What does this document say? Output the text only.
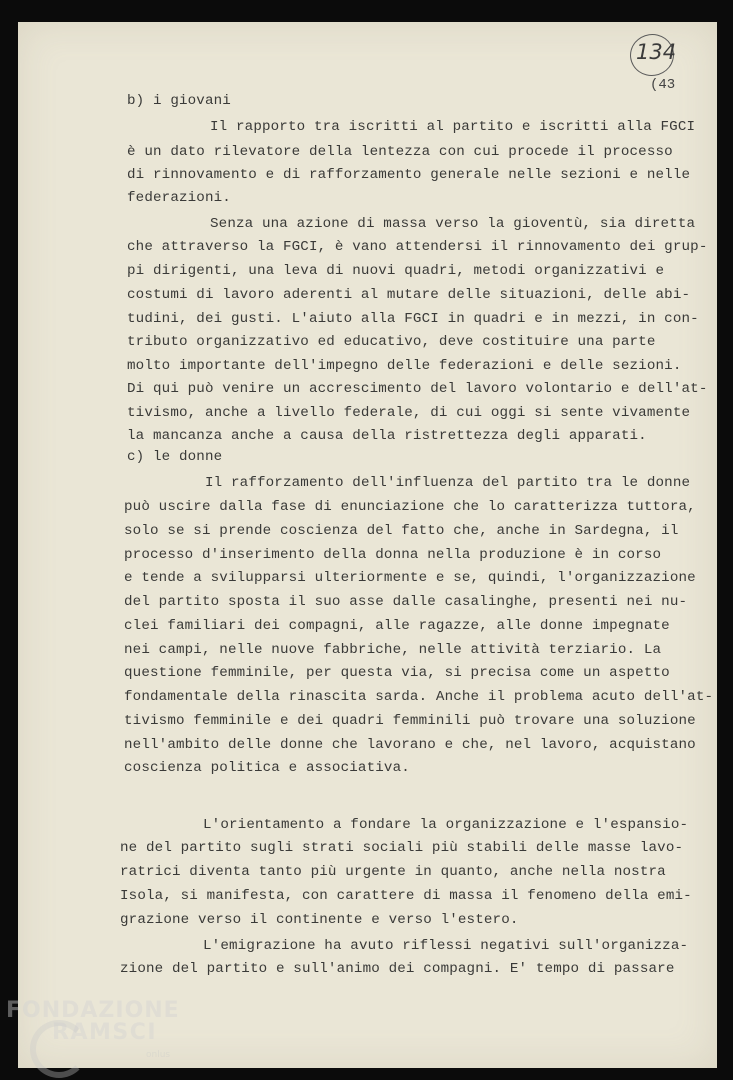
134
(43
b) i giovani
Il rapporto tra iscritti al partito e iscritti alla FGCI
è un dato rilevatore della lentezza con cui procede il processo
di rinnovamento e di rafforzamento generale nelle sezioni e nelle
federazioni.
Senza una azione di massa verso la gioventù, sia diretta
che attraverso la FGCI, è vano attendersi il rinnovamento dei grup-
pi dirigenti, una leva di nuovi quadri, metodi organizzativi e
costumi di lavoro aderenti al mutare delle situazioni, delle abi-
tudini, dei gusti. L'aiuto alla FGCI in quadri e in mezzi, in con-
tributo organizzativo ed educativo, deve costituire una parte
molto importante dell'impegno delle federazioni e delle sezioni.
Di qui può venire un accrescimento del lavoro volontario e dell'at-
tivismo, anche a livello federale, di cui oggi si sente vivamente
la mancanza anche a causa della ristrettezza degli apparati.
c) le donne
Il rafforzamento dell'influenza del partito tra le donne
può uscire dalla fase di enunciazione che lo caratterizza tuttora,
solo se si prende coscienza del fatto che, anche in Sardegna, il
processo d'inserimento della donna nella produzione è in corso
e tende a svilupparsi ulteriormente e se, quindi, l'organizzazione
del partito sposta il suo asse dalle casalinghe, presenti nei nu-
clei familiari dei compagni, alle ragazze, alle donne impegnate
nei campi, nelle nuove fabbriche, nelle attività terziario. La
questione femminile, per questa via, si precisa come un aspetto
fondamentale della rinascita sarda. Anche il problema acuto dell'at-
tivismo femminile e dei quadri femminili può trovare una soluzione
nell'ambito delle donne che lavorano e che, nel lavoro, acquistano
coscienza politica e associativa.
L'orientamento a fondare la organizzazione e l'espansio-
ne del partito sugli strati sociali più stabili delle masse lavo-
ratrici diventa tanto più urgente in quanto, anche nella nostra
Isola, si manifesta, con carattere di massa il fenomeno della emi-
grazione verso il continente e verso l'estero.
L'emigrazione ha avuto riflessi negativi sull'organizza-
zione del partito e sull'animo dei compagni. E' tempo di passare
FONDAZIONE
RAMSCI
onlus
